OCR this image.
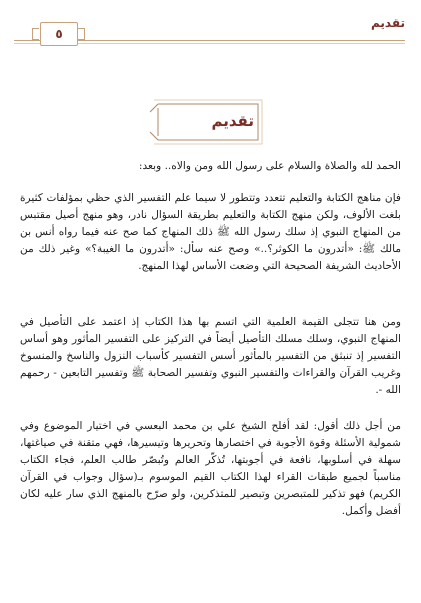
تقديم
٥
تقديم

الحمد لله والصلاة والسلام على رسول الله ومن والاه.. وبعد:

فإن مناهج الكتابة والتعليم تتعدد وتتطور لا سيما علم التفسير الذي حظي بمؤلفات كثيرة بلغت الألوف، ولكن منهج الكتابة والتعليم بطريقة السؤال نادر، وهو منهج أصيل مقتبس من المنهاج النبوي إذ سلك رسول الله ﷺ ذلك المنهاج كما صح عنه فيما رواه أنس بن مالك ﷺ: «أتدرون ما الكوثر؟..» وصح عنه سأل: «أتدرون ما الغيبة؟» وغير ذلك من الأحاديث الشريفة الصحيحة التي وضعت الأساس لهذا المنهج.

ومن هنا تتجلى القيمة العلمية التي اتسم بها هذا الكتاب إذ اعتمد على التأصيل في المنهاج النبوي، وسلك مسلك التأصيل أيضاً في التركيز على التفسير المأثور وهو أساس التفسير إذ تنبثق من التفسير بالمأثور أسس التفسير كأسباب النزول والناسخ والمنسوخ وغريب القرآن والقراءات والتفسير النبوي وتفسير الصحابة ﷺ وتفسير التابعين - رحمهم الله -.

من أجل ذلك أقول: لقد أفلح الشيخ علي بن محمد البعسي في اختيار الموضوع وفي شمولية الأسئلة وقوة الأجوبة في اختصارها وتحريرها وتيسيرها، فهي متقنة في صياغتها، سهلة في أسلوبها، نافعة في أجوبتها، تُذكّر العالم وتُبصّر طالب العلم، فجاء الكتاب مناسباً لجميع طبقات القراء لهذا الكتاب القيم الموسوم بـ(سؤال وجواب في القرآن الكريم) فهو تذكير للمتبصرين وتبصير للمتذكرين، ولو صرّح بالمنهج الذي سار عليه لكان أفضل وأكمل.
